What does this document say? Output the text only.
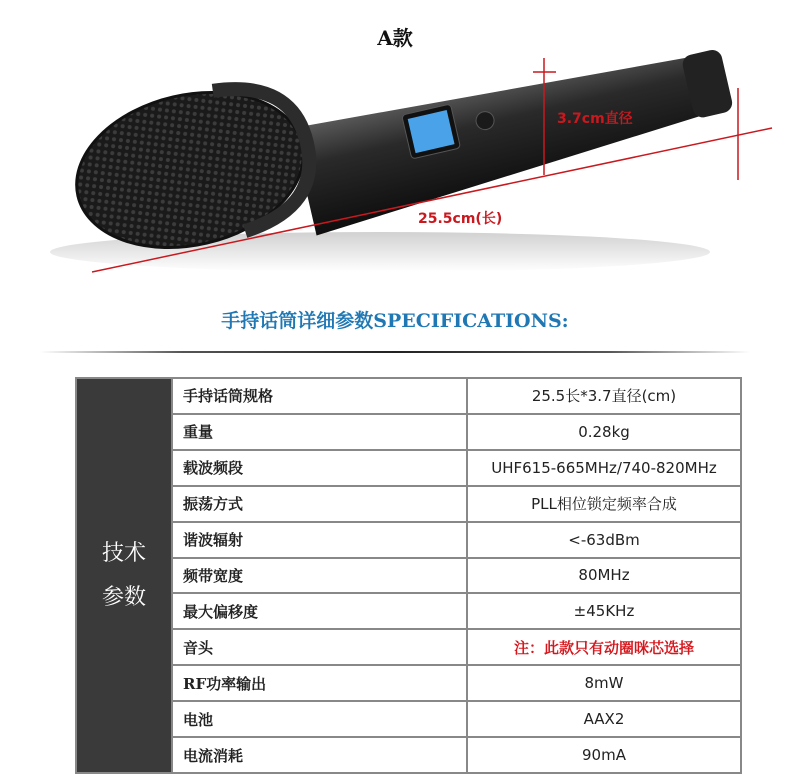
A款
25.5cm(长)
3.7cm直径
手持话筒详细参数SPECIFICATIONS:
技术
参数	手持话筒规格	25.5长*3.7直径(cm)
	重量	0.28kg
	载波频段	UHF615-665MHz/740-820MHz
	振荡方式	PLL相位锁定频率合成
	谐波辐射	<-63dBm
	频带宽度	80MHz
	最大偏移度	±45KHz
	音头	注：此款只有动圈咪芯选择
	RF功率输出	8mW
	电池	AAX2
	电流消耗	90mA
